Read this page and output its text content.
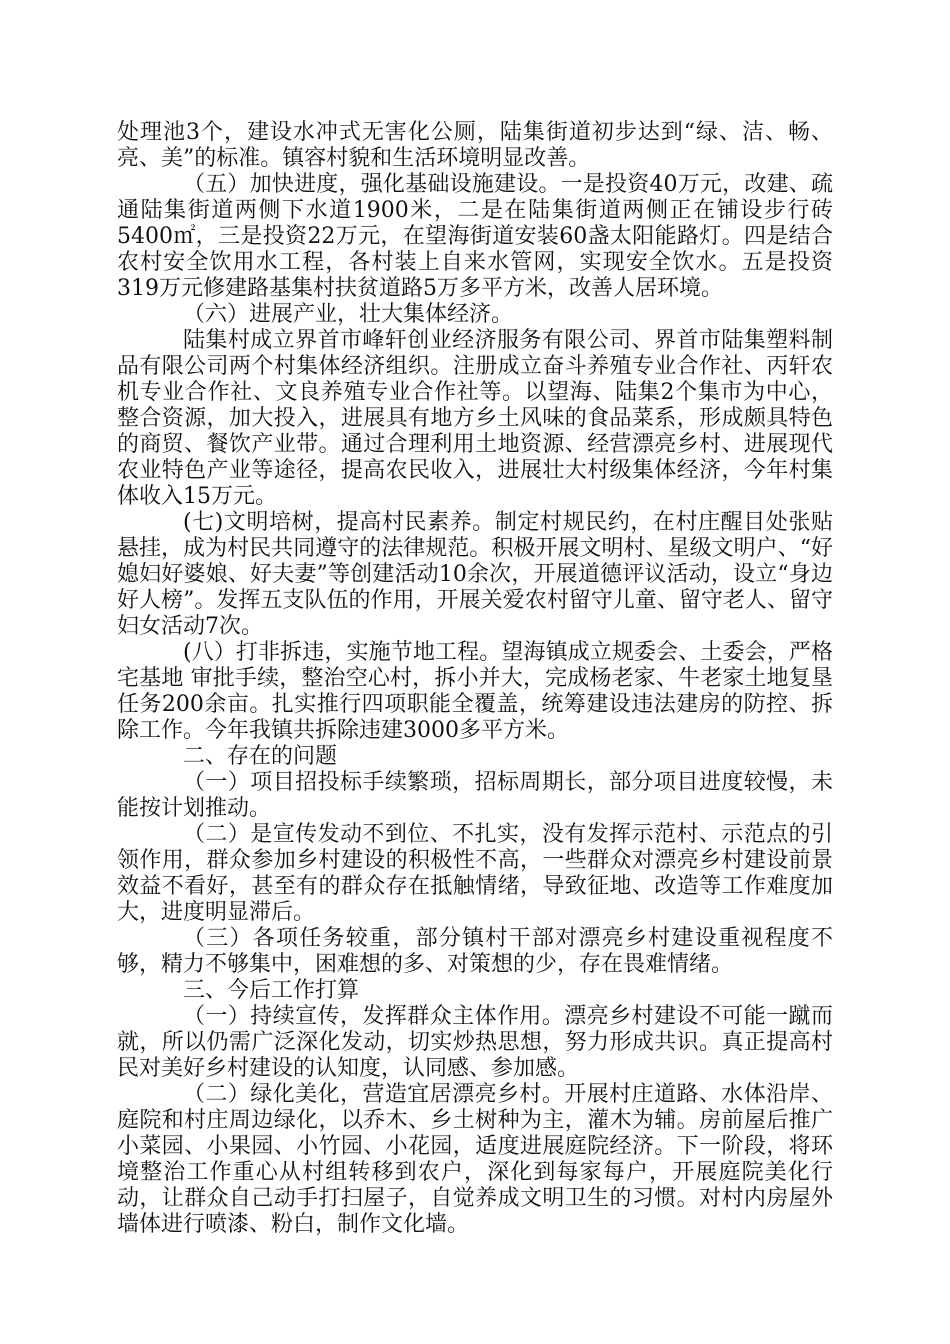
处理池3个，建设水冲式无害化公厕，陆集街道初步达到“绿、洁、畅、亮、美”的标准。镇容村貌和生活环境明显改善。

（五）加快进度，强化基础设施建设。一是投资40万元，改建、疏通陆集街道两侧下水道1900米，二是在陆集街道两侧正在铺设步行砖5400㎡，三是投资22万元，在望海街道安装60盏太阳能路灯。四是结合农村安全饮用水工程，各村装上自来水管网，实现安全饮水。五是投资319万元修建路基集村扶贫道路5万多平方米，改善人居环境。

（六）进展产业，壮大集体经济。

陆集村成立界首市峰轩创业经济服务有限公司、界首市陆集塑料制品有限公司两个村集体经济组织。注册成立奋斗养殖专业合作社、丙轩农机专业合作社、文良养殖专业合作社等。以望海、陆集2个集市为中心，整合资源，加大投入，进展具有地方乡土风味的食品菜系，形成颇具特色的商贸、餐饮产业带。通过合理利用土地资源、经营漂亮乡村、进展现代农业特色产业等途径，提高农民收入，进展壮大村级集体经济，今年村集体收入15万元。

(七)文明培树，提高村民素养。制定村规民约，在村庄醒目处张贴悬挂，成为村民共同遵守的法律规范。积极开展文明村、星级文明户、“好媳妇好婆娘、好夫妻”等创建活动10余次，开展道德评议活动，设立“身边好人榜”。发挥五支队伍的作用，开展关爱农村留守儿童、留守老人、留守妇女活动7次。

(八）打非拆违，实施节地工程。望海镇成立规委会、土委会，严格宅基地 审批手续，整治空心村，拆小并大，完成杨老家、牛老家土地复垦任务200余亩。扎实推行四项职能全覆盖，统筹建设违法建房的防控、拆除工作。今年我镇共拆除违建3000多平方米。

二、存在的问题

（一）项目招投标手续繁琐，招标周期长，部分项目进度较慢，未能按计划推动。

（二）是宣传发动不到位、不扎实，没有发挥示范村、示范点的引领作用，群众参加乡村建设的积极性不高，一些群众对漂亮乡村建设前景效益不看好，甚至有的群众存在抵触情绪，导致征地、改造等工作难度加大，进度明显滞后。

（三）各项任务较重，部分镇村干部对漂亮乡村建设重视程度不够，精力不够集中，困难想的多、对策想的少，存在畏难情绪。

三、今后工作打算

（一）持续宣传，发挥群众主体作用。漂亮乡村建设不可能一蹴而就，所以仍需广泛深化发动，切实炒热思想，努力形成共识。真正提高村民对美好乡村建设的认知度，认同感、参加感。

（二）绿化美化，营造宜居漂亮乡村。开展村庄道路、水体沿岸、庭院和村庄周边绿化，以乔木、乡土树种为主，灌木为辅。房前屋后推广小菜园、小果园、小竹园、小花园，适度进展庭院经济。下一阶段，将环境整治工作重心从村组转移到农户，深化到每家每户，开展庭院美化行动，让群众自己动手打扫屋子，自觉养成文明卫生的习惯。对村内房屋外墙体进行喷漆、粉白，制作文化墙。
